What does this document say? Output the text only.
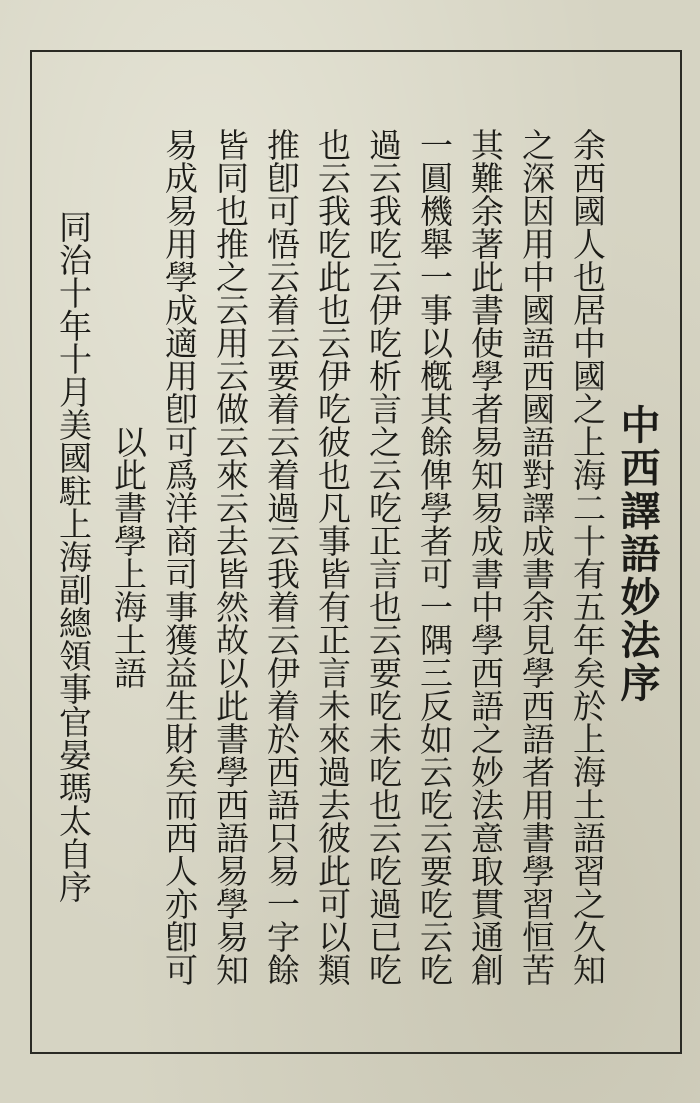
中西譯語妙法序
余西國人也居中國之上海二十有五年矣於上海土語習之久知
之深因用中國語西國語對譯成書余見學西語者用書學習恒苦
其難余著此書使學者易知易成書中學西語之妙法意取貫通創
一圓機舉一事以槪其餘俾學者可一隅三反如云吃云要吃云吃
過云我吃云伊吃析言之云吃正言也云要吃未吃也云吃過已吃
也云我吃此也云伊吃彼也凡事皆有正言未來過去彼此可以類
推卽可悟云着云要着云着過云我着云伊着於西語只易一字餘
皆同也推之云用云做云來云去皆然故以此書學西語易學易知
易成易用學成適用卽可爲洋商司事獲益生財矣而西人亦卽可
以此書學上海土語
同治十年十月美國駐上海副總領事官晏瑪太自序
